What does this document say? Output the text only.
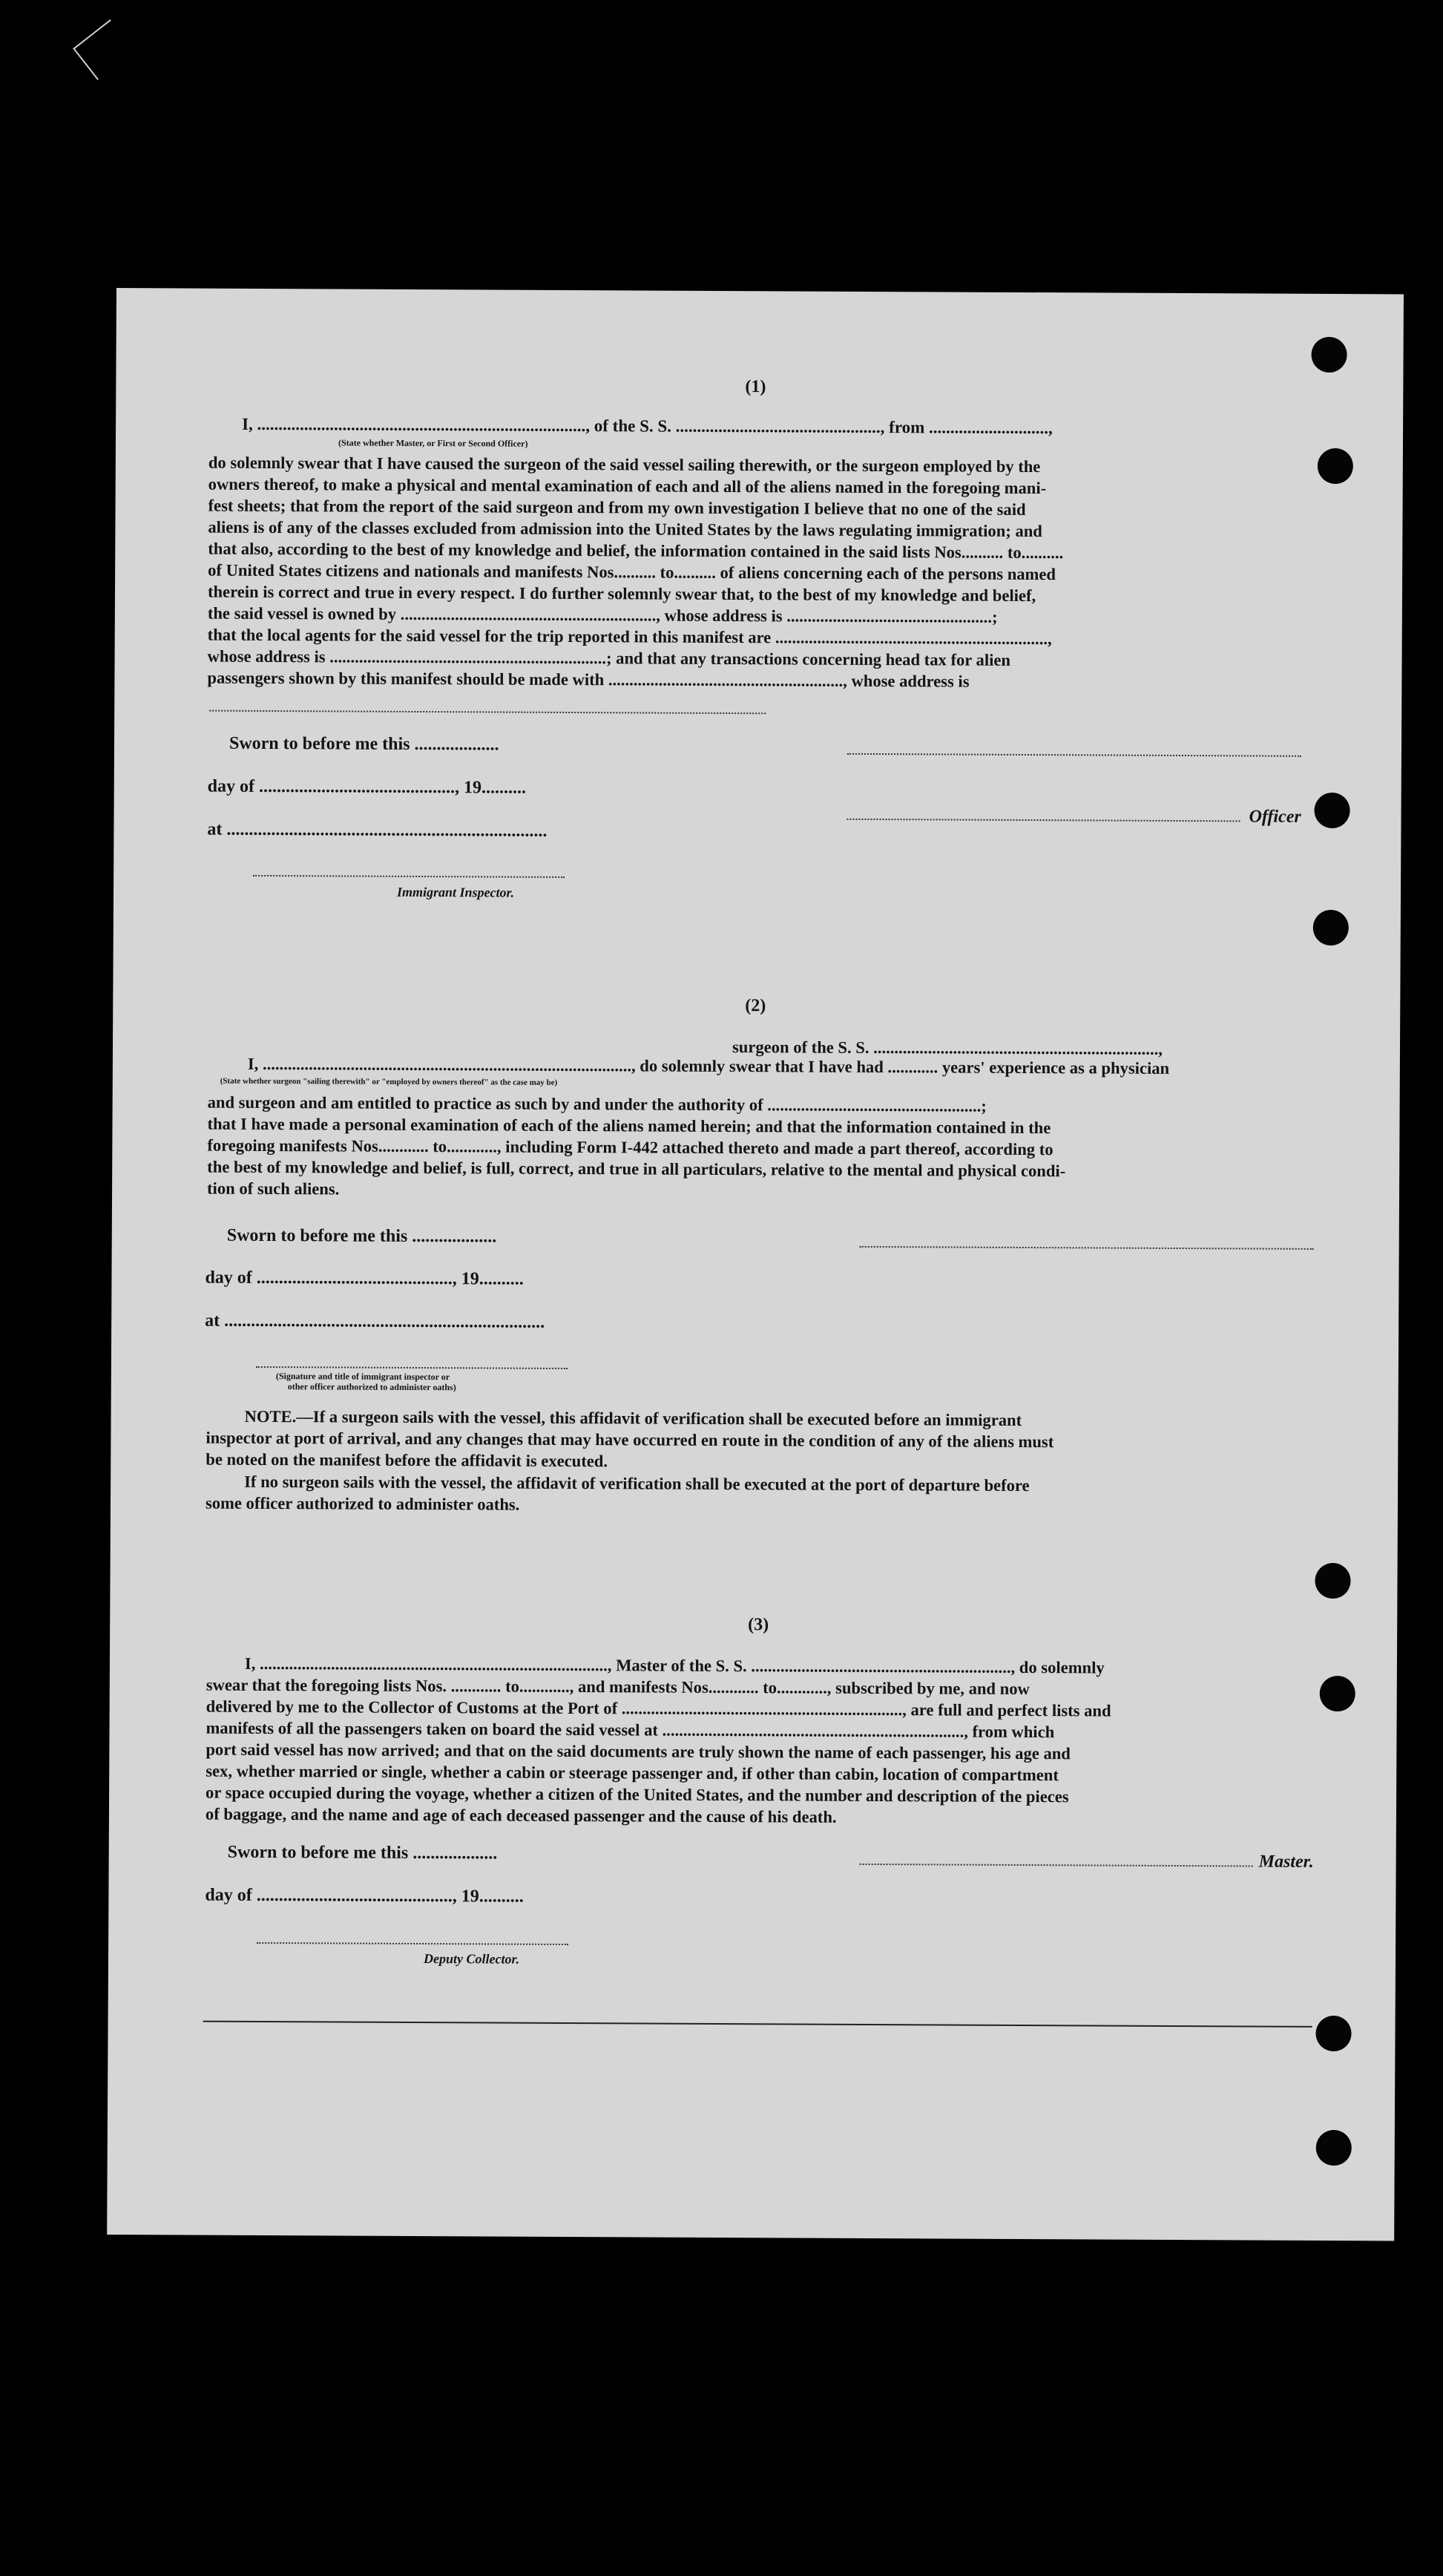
(1)
I, ............................................................................., of the S. S. ................................................, from ............................,
(State whether Master, or First or Second Officer)
do solemnly swear that I have caused the surgeon of the said vessel sailing therewith, or the surgeon employed by the
owners thereof, to make a physical and mental examination of each and all of the aliens named in the foregoing mani-
fest sheets; that from the report of the said surgeon and from my own investigation I believe that no one of the said
aliens is of any of the classes excluded from admission into the United States by the laws regulating immigration; and
that also, according to the best of my knowledge and belief, the information contained in the said lists Nos.......... to..........
of United States citizens and nationals and manifests Nos.......... to.......... of aliens concerning each of the persons named
therein is correct and true in every respect. I do further solemnly swear that, to the best of my knowledge and belief,
the said vessel is owned by ............................................................., whose address is .................................................;
that the local agents for the said vessel for the trip reported in this manifest are .................................................................,
whose address is ..................................................................; and that any transactions concerning head tax for alien
passengers shown by this manifest should be made with ........................................................, whose address is
Sworn to before me this ...................
day of ............................................, 19..........
Officer
at ........................................................................
Immigrant Inspector.
(2)
I, ........................................................................................, do solemnly swear that I have had ............ years' experience as a physician
surgeon of the S. S. ....................................................................,
(State whether surgeon "sailing therewith" or "employed by owners thereof" as the case may be)
and surgeon and am entitled to practice as such by and under the authority of ...................................................;
that I have made a personal examination of each of the aliens named herein; and that the information contained in the
foregoing manifests Nos............ to............, including Form I-442 attached thereto and made a part thereof, according to
the best of my knowledge and belief, is full, correct, and true in all particulars, relative to the mental and physical condi-
tion of such aliens.
Sworn to before me this ...................
day of ............................................, 19..........
at ........................................................................
(Signature and title of immigrant inspector or
other officer authorized to administer oaths)
NOTE.—If a surgeon sails with the vessel, this affidavit of verification shall be executed before an immigrant
inspector at port of arrival, and any changes that may have occurred en route in the condition of any of the aliens must
be noted on the manifest before the affidavit is executed.
If no surgeon sails with the vessel, the affidavit of verification shall be executed at the port of departure before
some officer authorized to administer oaths.
(3)
I, ..................................................................................., Master of the S. S. .............................................................., do solemnly
swear that the foregoing lists Nos. ............ to............, and manifests Nos............ to............, subscribed by me, and now
delivered by me to the Collector of Customs at the Port of ..................................................................., are full and perfect lists and
manifests of all the passengers taken on board the said vessel at ........................................................................, from which
port said vessel has now arrived; and that on the said documents are truly shown the name of each passenger, his age and
sex, whether married or single, whether a cabin or steerage passenger and, if other than cabin, location of compartment
or space occupied during the voyage, whether a citizen of the United States, and the number and description of the pieces
of baggage, and the name and age of each deceased passenger and the cause of his death.
Sworn to before me this ...................	Master.
day of ............................................, 19..........
Deputy Collector.
